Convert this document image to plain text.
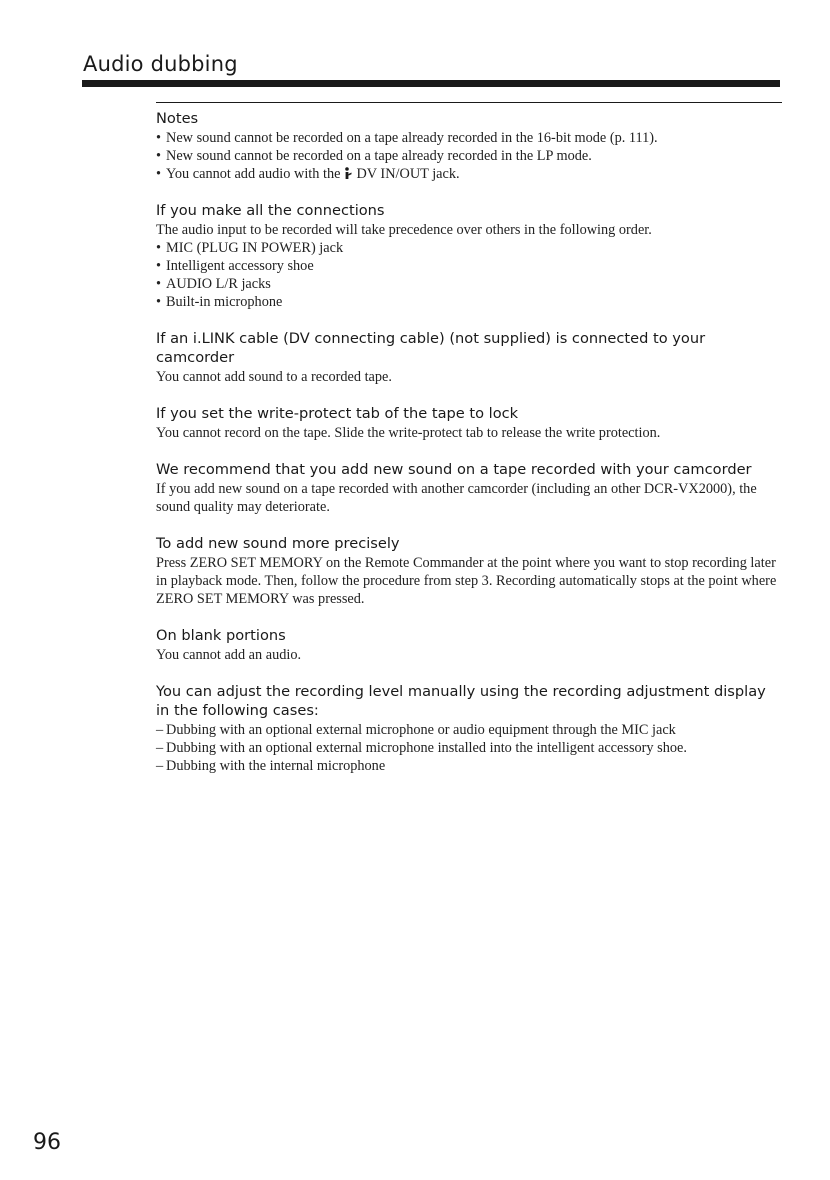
Audio dubbing
Notes

• New sound cannot be recorded on a tape already recorded in the 16-bit mode (p. 111).

• New sound cannot be recorded on a tape already recorded in the LP mode.

• You cannot add audio with the DV IN/OUT jack.

If you make all the connections

The audio input to be recorded will take precedence over others in the following order.

• MIC (PLUG IN POWER) jack

• Intelligent accessory shoe

• AUDIO L/R jacks

• Built-in microphone

If an i.LINK cable (DV connecting cable) (not supplied) is connected to your camcorder

You cannot add sound to a recorded tape.

If you set the write-protect tab of the tape to lock

You cannot record on the tape. Slide the write-protect tab to release the write protection.

We recommend that you add new sound on a tape recorded with your camcorder

If you add new sound on a tape recorded with another camcorder (including an other DCR-VX2000), the sound quality may deteriorate.

To add new sound more precisely

Press ZERO SET MEMORY on the Remote Commander at the point where you want to stop recording later in playback mode. Then, follow the procedure from step 3. Recording automatically stops at the point where ZERO SET MEMORY was pressed.

On blank portions

You cannot add an audio.

You can adjust the recording level manually using the recording adjustment display in the following cases:

– Dubbing with an optional external microphone or audio equipment through the MIC jack

– Dubbing with an optional external microphone installed into the intelligent accessory shoe.

– Dubbing with the internal microphone

96
